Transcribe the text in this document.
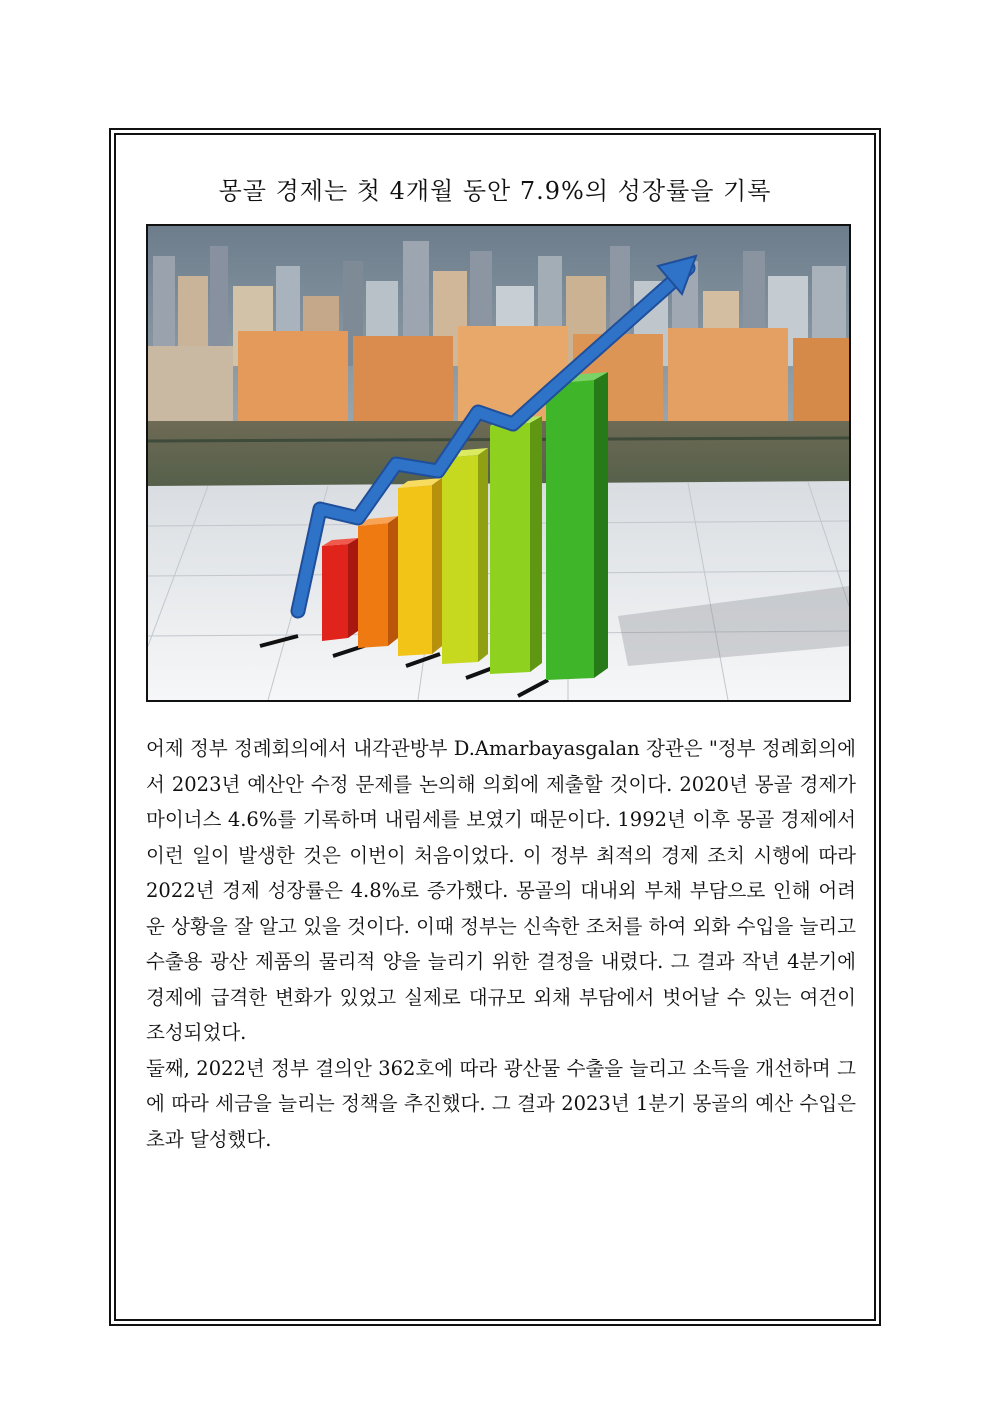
몽골 경제는 첫 4개월 동안 7.9%의 성장률을 기록

어제 정부 정례회의에서 내각관방부 D.Amarbayasgalan 장관은 "정부 정례회의에서 2023년 예산안 수정 문제를 논의해 의회에 제출할 것이다. 2020년 몽골 경제가 마이너스 4.6%를 기록하며 내림세를 보였기 때문이다. 1992년 이후 몽골 경제에서 이런 일이 발생한 것은 이번이 처음이었다. 이 정부 최적의 경제 조치 시행에 따라 2022년 경제 성장률은 4.8%로 증가했다. 몽골의 대내외 부채 부담으로 인해 어려운 상황을 잘 알고 있을 것이다. 이때 정부는 신속한 조처를 하여 외화 수입을 늘리고 수출용 광산 제품의 물리적 양을 늘리기 위한 결정을 내렸다. 그 결과 작년 4분기에 경제에 급격한 변화가 있었고 실제로 대규모 외채 부담에서 벗어날 수 있는 여건이 조성되었다.

둘째, 2022년 정부 결의안 362호에 따라 광산물 수출을 늘리고 소득을 개선하며 그에 따라 세금을 늘리는 정책을 추진했다. 그 결과 2023년 1분기 몽골의 예산 수입은 초과 달성했다.
